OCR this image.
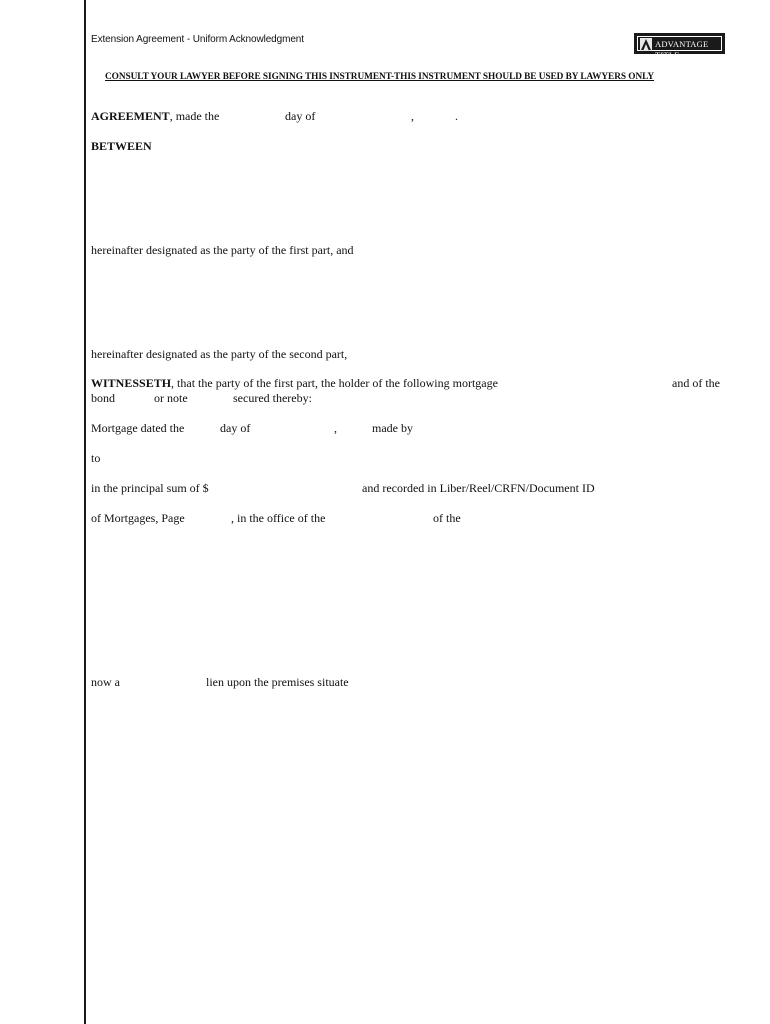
Extension Agreement - Uniform Acknowledgment	ADVANTAGE TITLE
CONSULT YOUR LAWYER BEFORE SIGNING THIS INSTRUMENT-THIS INSTRUMENT SHOULD BE USED BY LAWYERS ONLY
AGREEMENT, made the	day of	,	.
BETWEEN
hereinafter designated as the party of the first part, and
hereinafter designated as the party of the second part,
WITNESSETH, that the party of the first part, the holder of the following mortgage	and of the
bond	or note	secured thereby:
Mortgage dated the	day of	,	made by
to
in the principal sum of $	and recorded in Liber/Reel/CRFN/Document ID
of Mortgages, Page	, in the office of the	of the
now a	lien upon the premises situate
